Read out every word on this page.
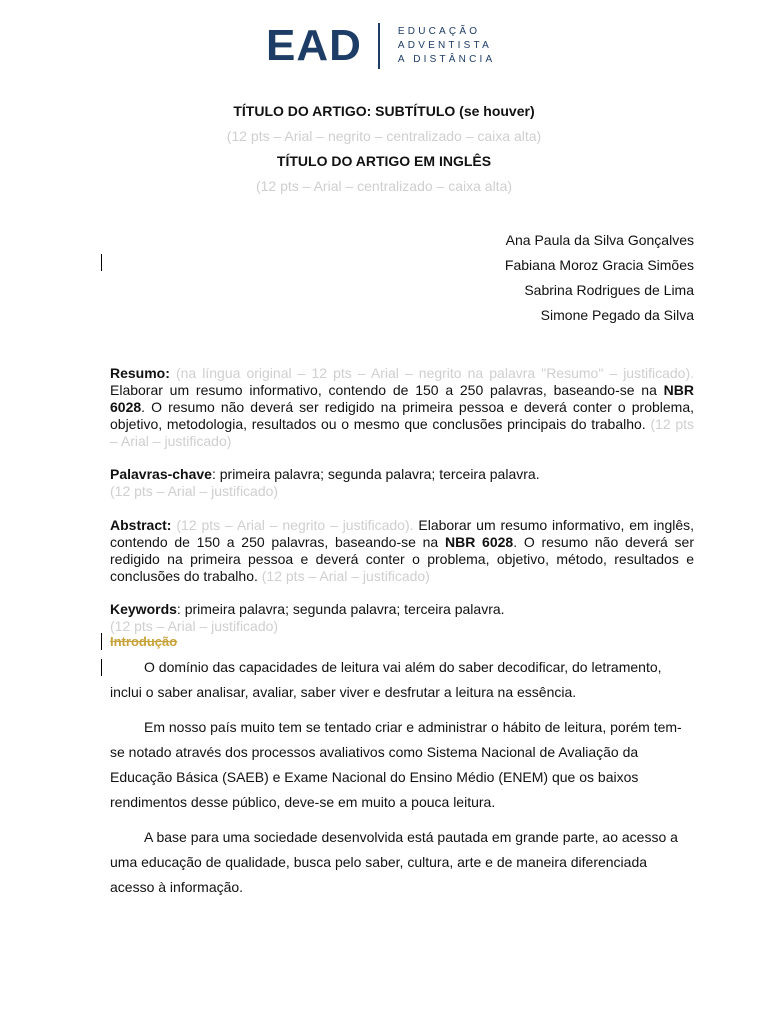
EAD	EDUCAÇÃO
ADVENTISTA
A DISTÂNCIA
TÍTULO DO ARTIGO: SUBTÍTULO (se houver)
(12 pts – Arial – negrito – centralizado – caixa alta)
TÍTULO DO ARTIGO EM INGLÊS
(12 pts – Arial – centralizado – caixa alta)
Ana Paula da Silva Gonçalves
Fabiana Moroz Gracia Simões
Sabrina Rodrigues de Lima
Simone Pegado da Silva
Resumo: (na língua original – 12 pts – Arial – negrito na palavra "Resumo" – justificado). Elaborar um resumo informativo, contendo de 150 a 250 palavras, baseando-se na NBR 6028. O resumo não deverá ser redigido na primeira pessoa e deverá conter o problema, objetivo, metodologia, resultados ou o mesmo que conclusões principais do trabalho. (12 pts – Arial – justificado)
Palavras-chave: primeira palavra; segunda palavra; terceira palavra.
(12 pts – Arial – justificado)
Abstract: (12 pts – Arial – negrito – justificado). Elaborar um resumo informativo, em inglês, contendo de 150 a 250 palavras, baseando-se na NBR 6028. O resumo não deverá ser redigido na primeira pessoa e deverá conter o problema, objetivo, método, resultados e conclusões do trabalho. (12 pts – Arial – justificado)
Keywords: primeira palavra; segunda palavra; terceira palavra.
(12 pts – Arial – justificado)
Introdução

O domínio das capacidades de leitura vai além do saber decodificar, do letramento, inclui o saber analisar, avaliar, saber viver e desfrutar a leitura na essência.

Em nosso país muito tem se tentado criar e administrar o hábito de leitura, porém tem-se notado através dos processos avaliativos como Sistema Nacional de Avaliação da Educação Básica (SAEB) e Exame Nacional do Ensino Médio (ENEM) que os baixos rendimentos desse público, deve-se em muito a pouca leitura.

A base para uma sociedade desenvolvida está pautada em grande parte, ao acesso a uma educação de qualidade, busca pelo saber, cultura, arte e de maneira diferenciada acesso à informação.
